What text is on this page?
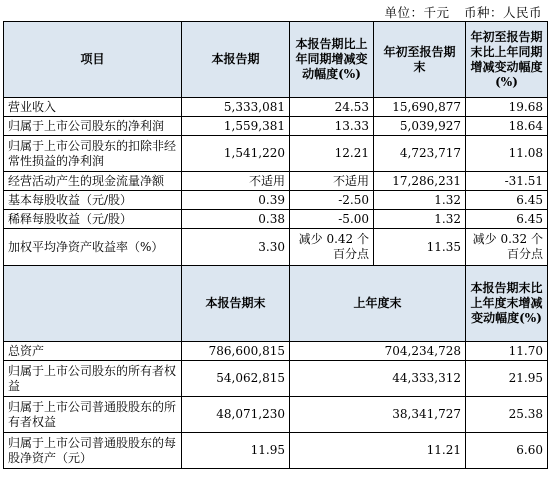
单位：千元 币种：人民币
项目	本报告期	本报告期比上年同期增减变动幅度(%)	年初至报告期末	年初至报告期末比上年同期增减变动幅度(%)
营业收入	5,333,081	24.53	15,690,877	19.68
归属于上市公司股东的净利润	1,559,381	13.33	5,039,927	18.64
归属于上市公司股东的扣除非经常性损益的净利润	1,541,220	12.21	4,723,717	11.08
经营活动产生的现金流量净额	不适用	不适用	17,286,231	-31.51
基本每股收益（元/股）	0.39	-2.50	1.32	6.45
稀释每股收益（元/股）	0.38	-5.00	1.32	6.45
加权平均净资产收益率（%）	3.30	减少 0.42 个百分点	11.35	减少 0.32 个百分点
	本报告期末	上年度末		本报告期末比上年度末增减变动幅度(%)
总资产	786,600,815	704,234,728		11.70
归属于上市公司股东的所有者权益	54,062,815	44,333,312		21.95
归属于上市公司普通股股东的所有者权益	48,071,230	38,341,727		25.38
归属于上市公司普通股股东的每股净资产（元）	11.95	11.21		6.60
